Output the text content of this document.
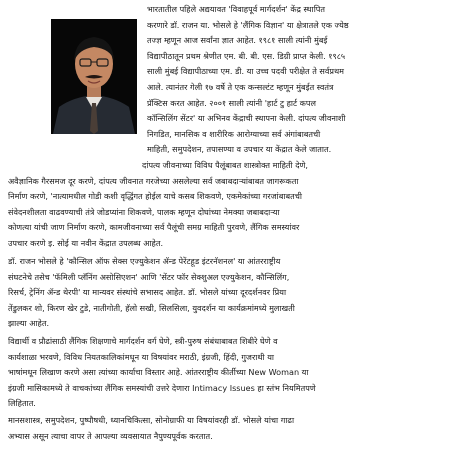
भारतातील पहिले अद्ययावत 'विवाहपूर्व मार्गदर्शन' केंद्र स्थापित
करणारे डॉ. राजन या. भोसले हे 'लैंगिक विज्ञान' या क्षेत्रातले एक ज्येष्ठ
तज्ज्ञ म्हणून आज सर्वांना ज्ञात आहेत. १९८१ साली त्यांनी मुंबई
विद्यापीठातून प्रथम श्रेणीत एम. बी. बी. एस. डिग्री प्राप्त केली. १९८५
साली मुंबई विद्यापीठाच्या एम. डी. या उच्च पदवी परीक्षेत ते सर्वप्रथम
आले. त्यानंतर गेली १७ वर्षे ते एक कन्सल्टंट म्हणून मुंबईत स्वतंत्र
प्रॅक्टिस करत आहेत. २००१ साली त्यांनी 'हार्ट टु हार्ट कपल
कॉन्सिलिंग सेंटर' या अभिनव केंद्राची स्थापना केली. दांपत्य जीवनाशी
निगडित, मानसिक व शारीरिक आरोग्याच्या सर्व अंगांबाबतची
माहिती, समुपदेशन, तपासण्या व उपचार या केंद्रात केले जातात.
दांपत्य जीवनाच्या विविध पैलूंबाबत शास्त्रोक्त माहिती देणे,
अवैज्ञानिक गैरसमज दूर करणे, दांपत्य जीवनात गरजेच्या असलेल्या सर्व जबाबदाऱ्यांबाबत जागरूकता
निर्माण करणे, 'नात्यामधील गोडी कशी वृद्धिंगत होईल याचे कसब शिकवणे, एकमेकांच्या गरजांबाबतची
संवेदनशीलता वाढवण्याची तंत्रे जोडप्यांना शिकवणे, पालक म्हणून दोघांच्या नेमक्या जबाबदाऱ्या
कोणत्या यांची जाण निर्माण करणे, कामजीवनाच्या सर्व पैलूंची समग्र माहिती पुरवणे, लैंगिक समस्यांवर
उपचार करणे इ. सोई या नवीन केंद्रात उपलब्ध आहेत.
डॉ. राजन भोसले हे 'कौन्सिल ऑफ सेक्स एज्युकेशन ॲन्ड पेरेंटहूड इंटरनॅशनल' या आंतरराष्ट्रीय
संघटनेचे तसेच 'फॅमिली प्लॅनिंग असोसिएशन' आणि 'सेंटर फॉर सेक्शुअल एज्युकेशन, कौन्सिलिंग,
रिसर्च, ट्रेनिंग ॲन्ड थेरपी' या मान्यवर संस्थांचे सभासद आहेत. डॉ. भोसले यांच्या दूरदर्शनवर प्रिया
तेंडुलकर शो, किरण खेर टुडे, नातीगोती, हॅलो सखी, सिलसिला, युवदर्शन या कार्यक्रमांमध्ये मुलाखती
झाल्या आहेत.
विद्यार्थी व प्रौढांसाठी लैंगिक शिक्षणाचे मार्गदर्शन वर्ग घेणे, स्त्री-पुरुष संबंधाबाबत शिबीरे घेणे व
कार्यशाळा भरवणे, विविध नियतकालिकांमधून या विषयांवर मराठी, इंग्रजी, हिंदी, गुजराथी या
भाषांमधून लिखाण करणे असा त्यांच्या कार्याचा विस्तार आहे. आंतरराष्ट्रीय कीर्तीच्या New Woman या
इंग्रजी मासिकामध्ये ते वाचकांच्या लैंगिक समस्यांची उत्तरे देणारा Intimacy Issues हा स्तंभ नियमितपणे
लिहितात.
मानसशास्त्र, समुपदेशन, पुष्पौषधी, ध्यानचिकित्सा, सोनोग्राफी या विषयांवरही डॉ. भोसले यांचा गाढा
अभ्यास असून त्याचा वापर ते आपल्या व्यवसायात नैपुण्यपूर्वक करतात.
